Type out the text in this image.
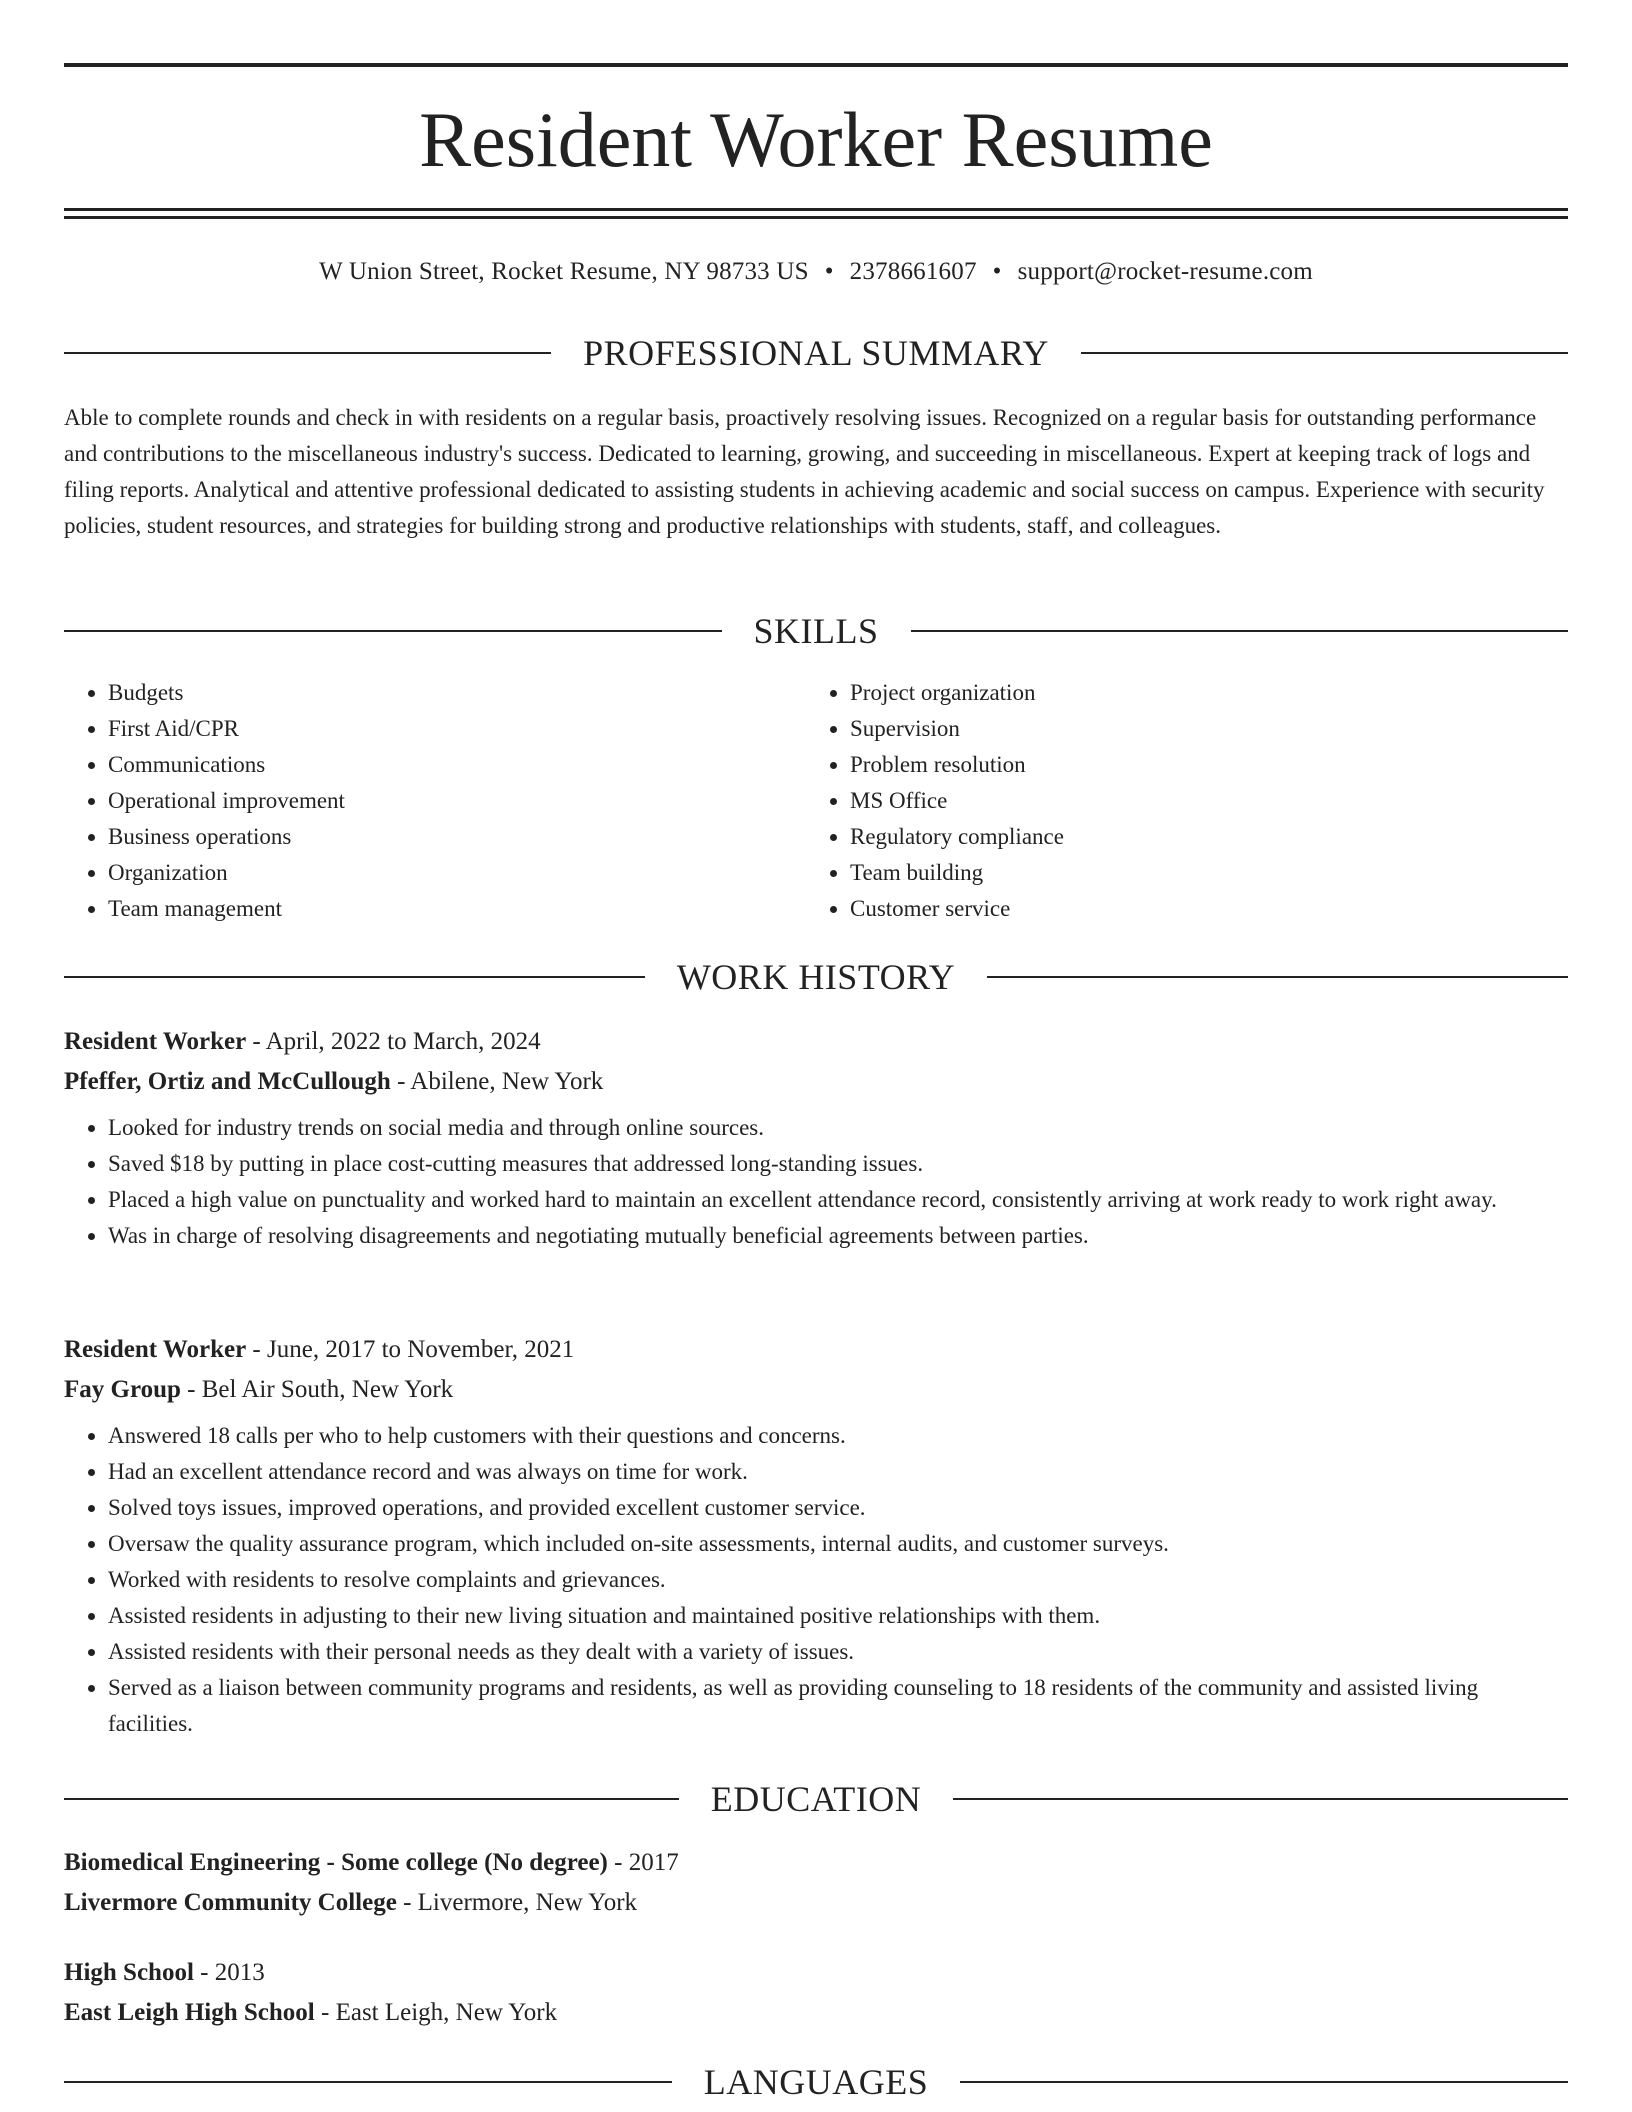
Resident Worker Resume
W Union Street, Rocket Resume, NY 98733 US • 2378661607 • support@rocket-resume.com
PROFESSIONAL SUMMARY

Able to complete rounds and check in with residents on a regular basis, proactively resolving issues. Recognized on a regular basis for outstanding performance and contributions to the miscellaneous industry's success. Dedicated to learning, growing, and succeeding in miscellaneous. Expert at keeping track of logs and filing reports. Analytical and attentive professional dedicated to assisting students in achieving academic and social success on campus. Experience with security policies, student resources, and strategies for building strong and productive relationships with students, staff, and colleagues.

SKILLS
• Budgets
• First Aid/CPR
• Communications
• Operational improvement
• Business operations
• Organization
• Team management
• Project organization
• Supervision
• Problem resolution
• MS Office
• Regulatory compliance
• Team building
• Customer service
WORK HISTORY

Resident Worker - April, 2022 to March, 2024

Pfeffer, Ortiz and McCullough - Abilene, New York

• Looked for industry trends on social media and through online sources.
• Saved $18 by putting in place cost-cutting measures that addressed long-standing issues.
• Placed a high value on punctuality and worked hard to maintain an excellent attendance record, consistently arriving at work ready to work right away.
• Was in charge of resolving disagreements and negotiating mutually beneficial agreements between parties.

Resident Worker - June, 2017 to November, 2021

Fay Group - Bel Air South, New York

• Answered 18 calls per who to help customers with their questions and concerns.
• Had an excellent attendance record and was always on time for work.
• Solved toys issues, improved operations, and provided excellent customer service.
• Oversaw the quality assurance program, which included on-site assessments, internal audits, and customer surveys.
• Worked with residents to resolve complaints and grievances.
• Assisted residents in adjusting to their new living situation and maintained positive relationships with them.
• Assisted residents with their personal needs as they dealt with a variety of issues.
• Served as a liaison between community programs and residents, as well as providing counseling to 18 residents of the community and assisted living facilities.
EDUCATION

Biomedical Engineering - Some college (No degree) - 2017

Livermore Community College - Livermore, New York

High School - 2013

East Leigh High School - East Leigh, New York

LANGUAGES
